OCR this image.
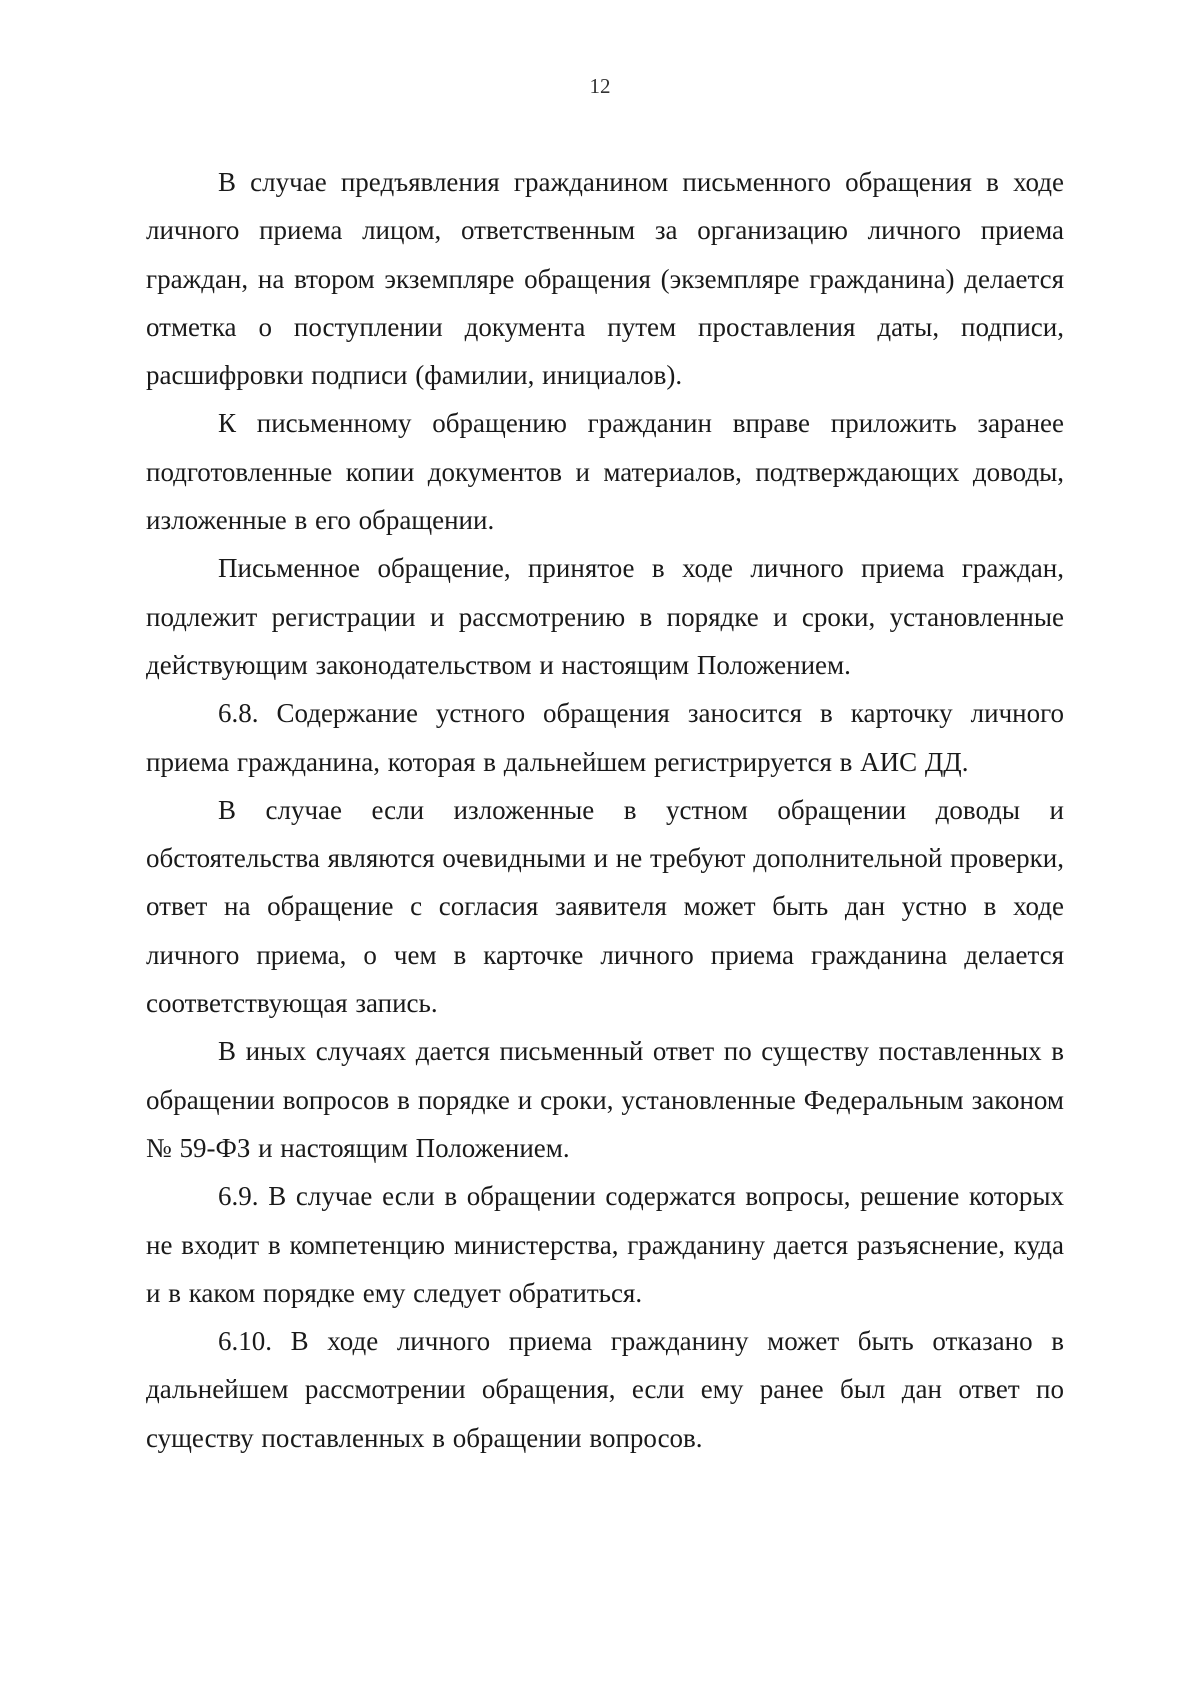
12

В случае предъявления гражданином письменного обращения в ходе личного приема лицом, ответственным за организацию личного приема граждан, на втором экземпляре обращения (экземпляре гражданина) делается отметка о поступлении документа путем проставления даты, подписи, расшифровки подписи (фамилии, инициалов).

К письменному обращению гражданин вправе приложить заранее подготовленные копии документов и материалов, подтверждающих доводы, изложенные в его обращении.

Письменное обращение, принятое в ходе личного приема граждан, подлежит регистрации и рассмотрению в порядке и сроки, установленные действующим законодательством и настоящим Положением.

6.8. Содержание устного обращения заносится в карточку личного приема гражданина, которая в дальнейшем регистрируется в АИС ДД.

В случае если изложенные в устном обращении доводы и обстоятельства являются очевидными и не требуют дополнительной проверки, ответ на обращение с согласия заявителя может быть дан устно в ходе личного приема, о чем в карточке личного приема гражданина делается соответствующая запись.

В иных случаях дается письменный ответ по существу поставленных в обращении вопросов в порядке и сроки, установленные Федеральным законом № 59-ФЗ и настоящим Положением.

6.9. В случае если в обращении содержатся вопросы, решение которых не входит в компетенцию министерства, гражданину дается разъяснение, куда и в каком порядке ему следует обратиться.

6.10. В ходе личного приема гражданину может быть отказано в дальнейшем рассмотрении обращения, если ему ранее был дан ответ по существу поставленных в обращении вопросов.
